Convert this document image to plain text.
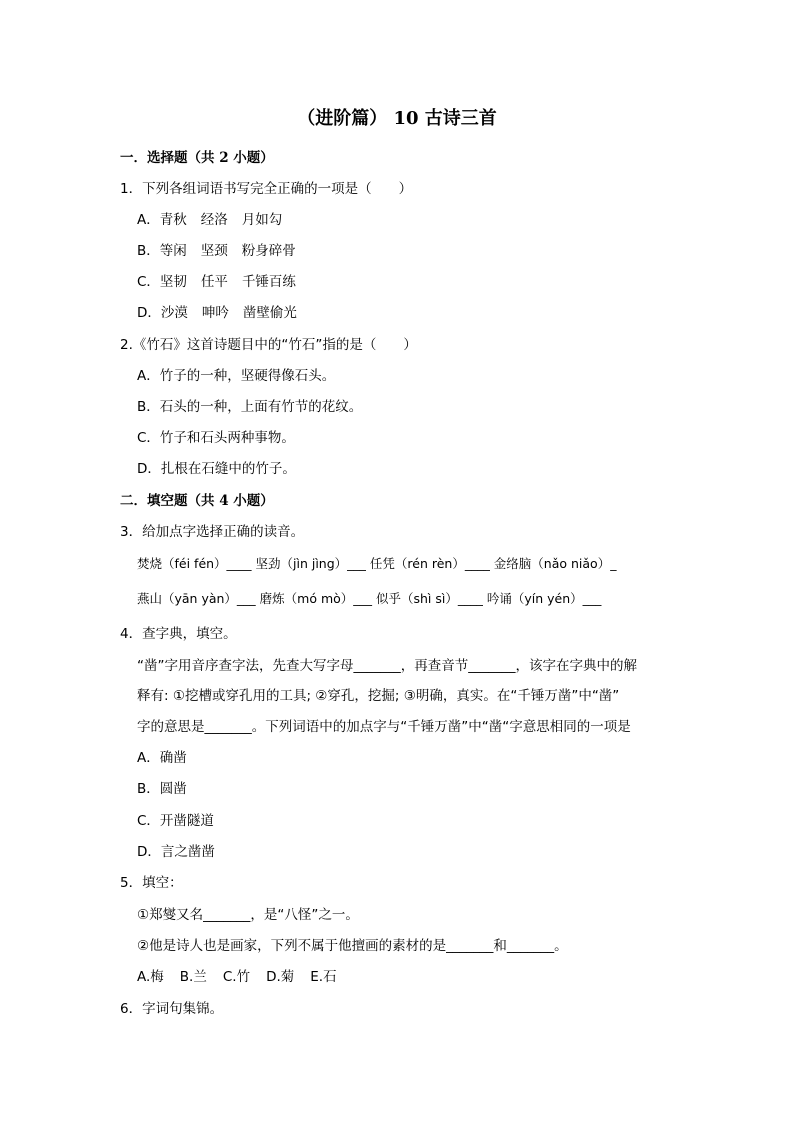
（进阶篇） 10 古诗三首
一．选择题（共 2 小题）
1．下列各组词语书写完全正确的一项是（　　）
A．青秋 经洛 月如勾
B．等闲 坚颈 粉身碎骨
C．坚韧 任平 千锤百练
D．沙漠 呻吟 凿壁偷光
2.《竹石》这首诗题目中的“竹石”指的是（　　）
A．竹子的一种，坚硬得像石头。
B．石头的一种，上面有竹节的花纹。
C．竹子和石头两种事物。
D．扎根在石缝中的竹子。
二．填空题（共 4 小题）
3．给加点字选择正确的读音。
焚烧（féi fén）____ 坚劲（jìn jìng）___ 任凭（rén rèn）____ 金络脑（nǎo niǎo）_
燕山（yān yàn）___ 磨炼（mó mò）___ 似乎（shì sì）____ 吟诵（yín yén）___
4．查字典，填空。
“凿”字用音序查字法，先查大写字母_______，再查音节_______，该字在字典中的解
释有: ①挖槽或穿孔用的工具; ②穿孔，挖掘; ③明确，真实。在“千锤万凿”中“凿”
字的意思是_______。下列词语中的加点字与“千锤万凿”中“凿“字意思相同的一项是
A．确凿
B．圆凿
C．开凿隧道
D．言之凿凿
5．填空：
①郑燮又名_______，是“八怪”之一。
②他是诗人也是画家，下列不属于他擅画的素材的是_______和_______。
A.梅 B.兰 C.竹 D.菊 E.石
6．字词句集锦。
